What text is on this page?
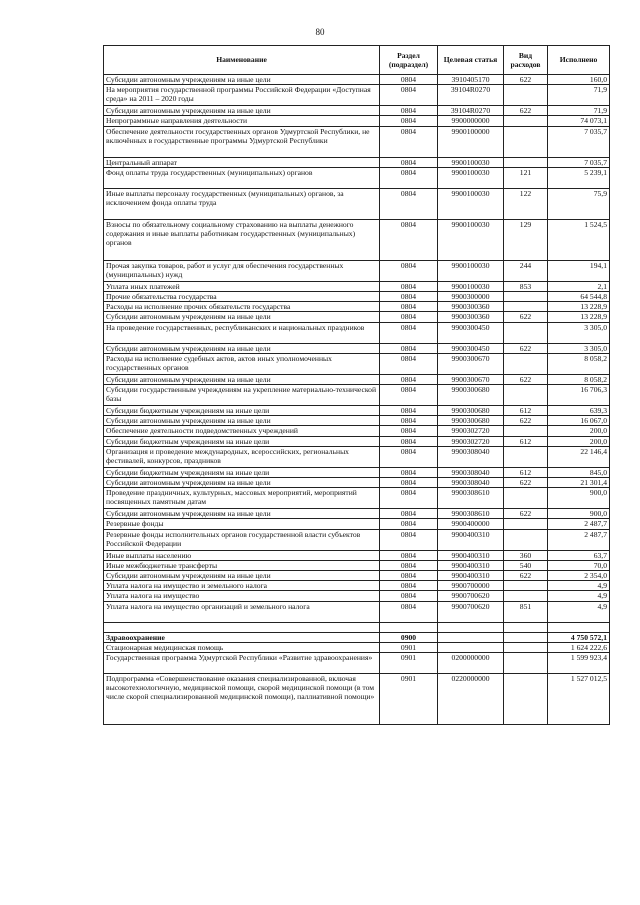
80
Наименование	Раздел (подраздел)	Целевая статья	Вид расходов	Исполнено
Субсидии автономным учреждениям на иные цели	0804	3910405170	622	160,0
На мероприятия государственной программы Российской Федерации «Доступная среда» на 2011 – 2020 годы	0804	39104R0270		71,9
Субсидии автономным учреждениям на иные цели	0804	39104R0270	622	71,9
Непрограммные направления деятельности	0804	9900000000		74 073,1
Обеспечение деятельности государственных органов Удмуртской Республики, не включённых в государственные программы Удмуртской Республики	0804	9900100000		7 035,7
Центральный аппарат	0804	9900100030		7 035,7
Фонд оплаты труда государственных (муниципальных) органов	0804	9900100030	121	5 239,1
Иные выплаты персоналу государственных (муниципальных) органов, за исключением фонда оплаты труда	0804	9900100030	122	75,9
Взносы по обязательному социальному страхованию на выплаты денежного содержания и иные выплаты работникам государственных (муниципальных) органов	0804	9900100030	129	1 524,5
Прочая закупка товаров, работ и услуг для обеспечения государственных (муниципальных) нужд	0804	9900100030	244	194,1
Уплата иных платежей	0804	9900100030	853	2,1
Прочие обязательства государства	0804	9900300000		64 544,8
Расходы на исполнение прочих обязательств государства	0804	9900300360		13 228,9
Субсидии автономным учреждениям на иные цели	0804	9900300360	622	13 228,9
На проведение государственных, республиканских и национальных праздников	0804	9900300450		3 305,0
Субсидии автономным учреждениям на иные цели	0804	9900300450	622	3 305,0
Расходы на исполнение судебных актов, актов иных уполномоченных государственных органов	0804	9900300670		8 058,2
Субсидии автономным учреждениям на иные цели	0804	9900300670	622	8 058,2
Субсидии государственным учреждениям на укрепление материально-технической базы	0804	9900300680		16 706,3
Субсидии бюджетным учреждениям на иные цели	0804	9900300680	612	639,3
Субсидии автономным учреждениям на иные цели	0804	9900300680	622	16 067,0
Обеспечение деятельности подведомственных учреждений	0804	9900302720		200,0
Субсидии бюджетным учреждениям на иные цели	0804	9900302720	612	200,0
Организация и проведение международных, всероссийских, региональных фестивалей, конкурсов, праздников	0804	9900308040		22 146,4
Субсидии бюджетным учреждениям на иные цели	0804	9900308040	612	845,0
Субсидии автономным учреждениям на иные цели	0804	9900308040	622	21 301,4
Проведение праздничных, культурных, массовых мероприятий, мероприятий посвященных памятным датам	0804	9900308610		900,0
Субсидии автономным учреждениям на иные цели	0804	9900308610	622	900,0
Резервные фонды	0804	9900400000		2 487,7
Резервные фонды исполнительных органов государственной власти субъектов Российской Федерации	0804	9900400310		2 487,7
Иные выплаты населению	0804	9900400310	360	63,7
Иные межбюджетные трансферты	0804	9900400310	540	70,0
Субсидии автономным учреждениям на иные цели	0804	9900400310	622	2 354,0
Уплата налога на имущество и земельного налога	0804	9900700000		4,9
Уплата налога на имущество	0804	9900700620		4,9
Уплата налога на имущество организаций и земельного налога	0804	9900700620	851	4,9

Здравоохранение	0900			4 750 572,1
Стационарная медицинская помощь	0901			1 624 222,6
Государственная программа Удмуртской Республики «Развитие здравоохранения»	0901	0200000000		1 599 923,4
Подпрограмма «Совершенствование оказания специализированной, включая высокотехнологичную, медицинской помощи, скорой медицинской помощи (в том числе скорой специализированной медицинской помощи), паллиативной помощи»	0901	0220000000		1 527 012,5
